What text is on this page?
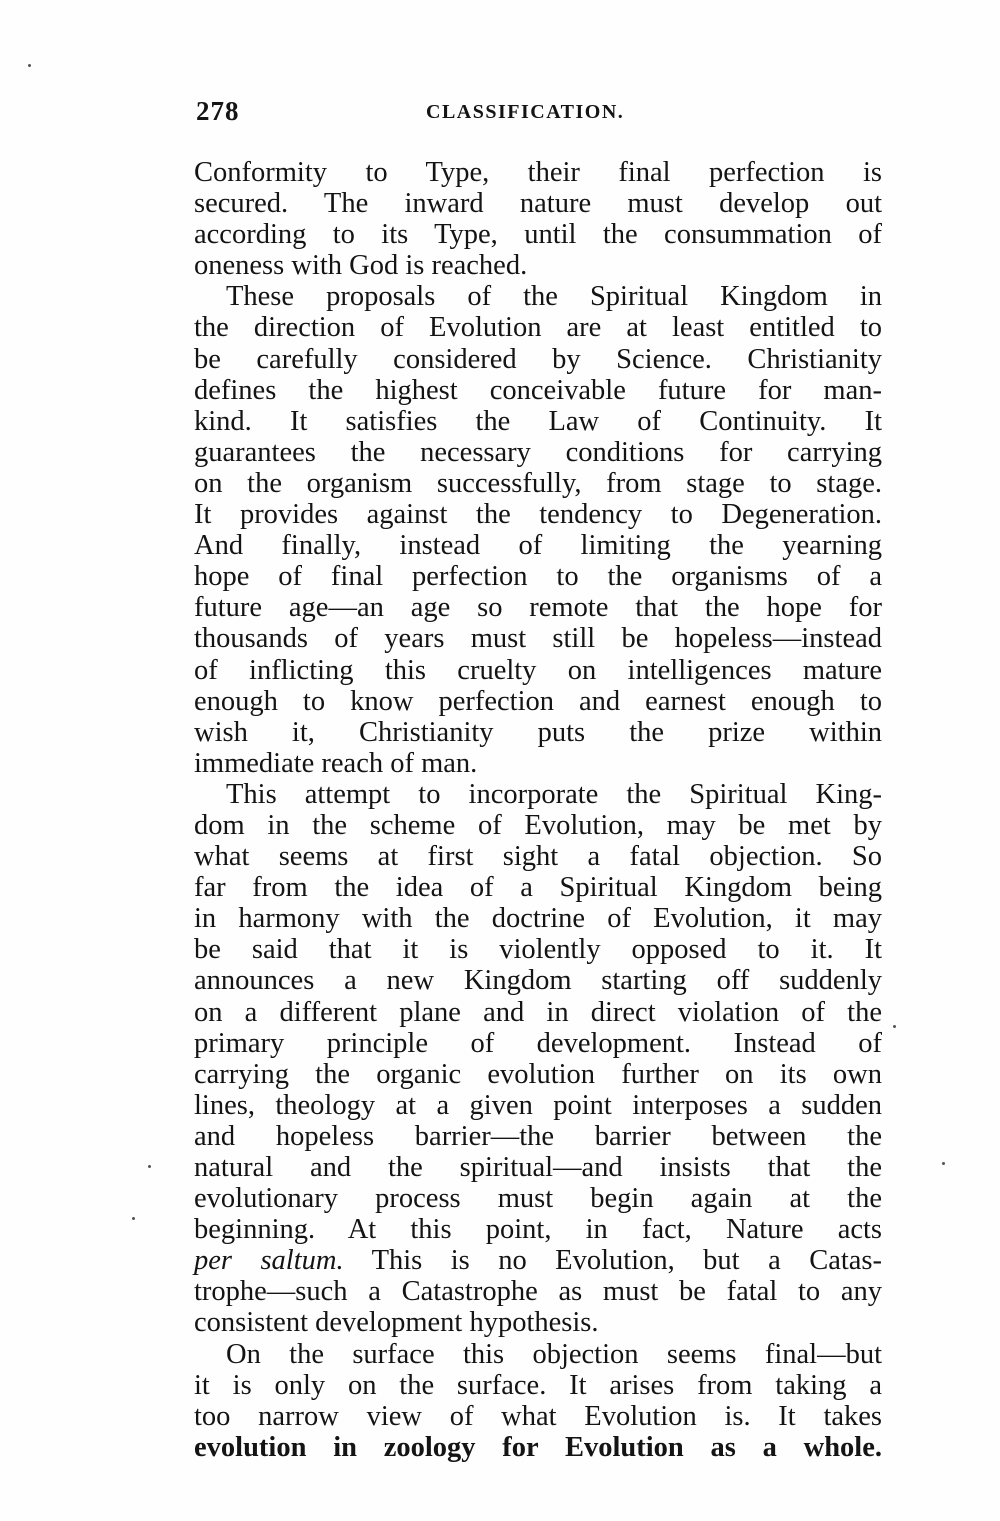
278	CLASSIFICATION.
Conformity to Type, their final perfection is
secured. The inward nature must develop out
according to its Type, until the consummation of
oneness with God is reached.
These proposals of the Spiritual Kingdom in
the direction of Evolution are at least entitled to
be carefully considered by Science. Christianity
defines the highest conceivable future for man-
kind. It satisfies the Law of Continuity. It
guarantees the necessary conditions for carrying
on the organism successfully, from stage to stage.
It provides against the tendency to Degeneration.
And finally, instead of limiting the yearning
hope of final perfection to the organisms of a
future age—an age so remote that the hope for
thousands of years must still be hopeless—instead
of inflicting this cruelty on intelligences mature
enough to know perfection and earnest enough to
wish it, Christianity puts the prize within
immediate reach of man.
This attempt to incorporate the Spiritual King-
dom in the scheme of Evolution, may be met by
what seems at first sight a fatal objection. So
far from the idea of a Spiritual Kingdom being
in harmony with the doctrine of Evolution, it may
be said that it is violently opposed to it. It
announces a new Kingdom starting off suddenly
on a different plane and in direct violation of the
primary principle of development. Instead of
carrying the organic evolution further on its own
lines, theology at a given point interposes a sudden
and hopeless barrier—the barrier between the
natural and the spiritual—and insists that the
evolutionary process must begin again at the
beginning. At this point, in fact, Nature acts
per saltum. This is no Evolution, but a Catas-
trophe—such a Catastrophe as must be fatal to any
consistent development hypothesis.
On the surface this objection seems final—but
it is only on the surface. It arises from taking a
too narrow view of what Evolution is. It takes
evolution in zoology for Evolution as a whole.
